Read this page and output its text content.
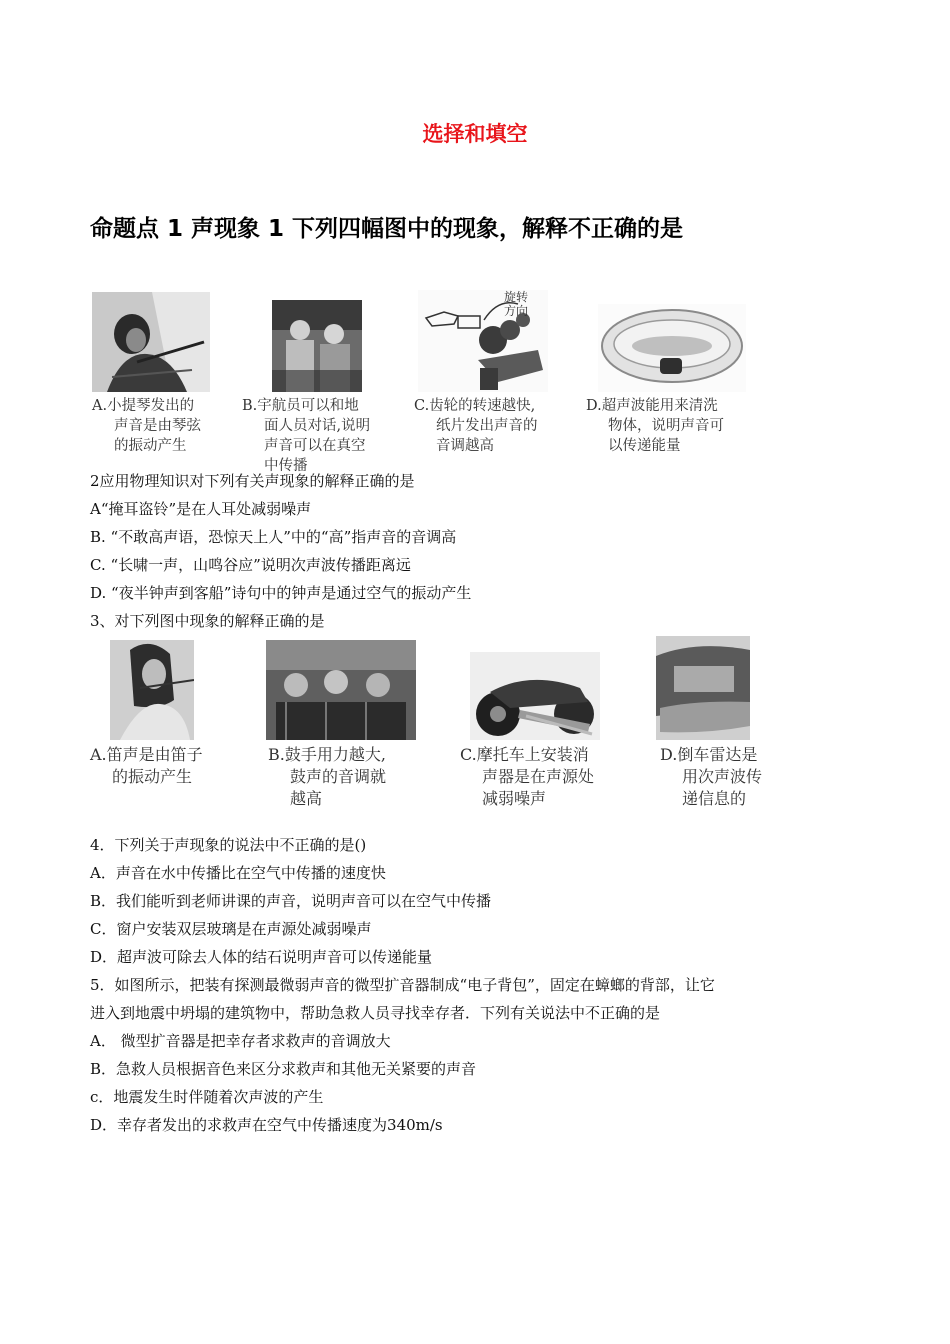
选择和填空
命题点 1 声现象 1 下列四幅图中的现象，解释不正确的是
旋转
方向
A.小提琴发出的
声音是由琴弦
的振动产生
B.宇航员可以和地
面人员对话,说明
声音可以在真空
中传播
C.齿轮的转速越快,
纸片发出声音的
音调越高
D.超声波能用来清洗
物体，说明声音可
以传递能量
2应用物理知识对下列有关声现象的解释正确的是
A“掩耳盗铃”是在人耳处减弱噪声
B. “不敢高声语，恐惊天上人”中的“高”指声音的音调高
C. “长啸一声，山鸣谷应”说明次声波传播距离远
D. “夜半钟声到客船”诗句中的钟声是通过空气的振动产生
3、对下列图中现象的解释正确的是
A.笛声是由笛子
的振动产生
B.鼓手用力越大,
鼓声的音调就
越高
C.摩托车上安装消
声器是在声源处
减弱噪声
D.倒车雷达是
用次声波传
递信息的
4．下列关于声现象的说法中不正确的是()
A．声音在水中传播比在空气中传播的速度快
B．我们能听到老师讲课的声音，说明声音可以在空气中传播
C．窗户安装双层玻璃是在声源处减弱噪声
D．超声波可除去人体的结石说明声音可以传递能量
5．如图所示，把装有探测最微弱声音的微型扩音器制成“电子背包”，固定在蟑螂的背部，让它
进入到地震中坍塌的建筑物中，帮助急救人员寻找幸存者．下列有关说法中不正确的是
A． 微型扩音器是把幸存者求救声的音调放大
B．急救人员根据音色来区分求救声和其他无关紧要的声音
c．地震发生时伴随着次声波的产生
D．幸存者发出的求救声在空气中传播速度为340m/s
